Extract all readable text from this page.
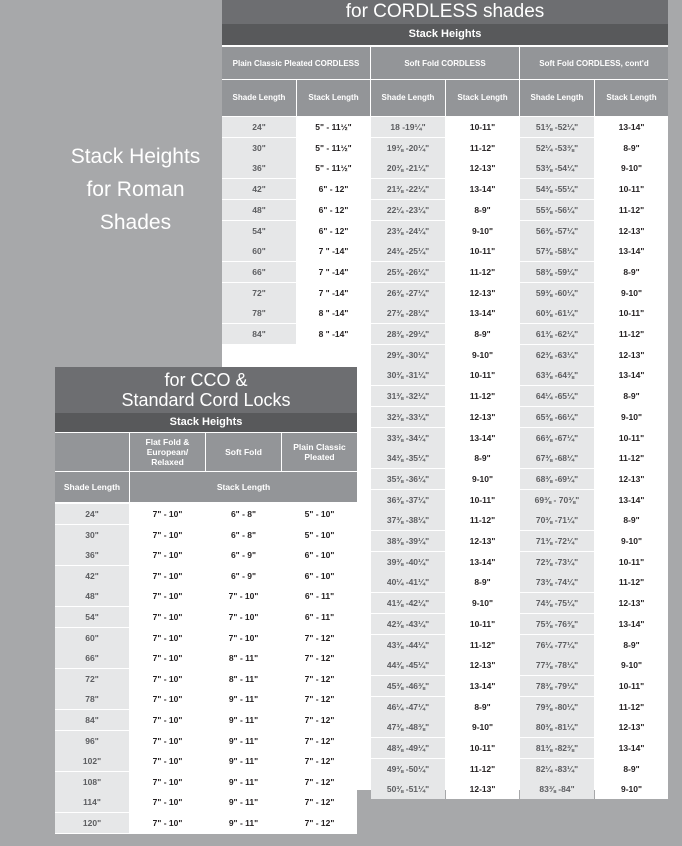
Stack Heights
for Roman
Shades
for CORDLESS shades
Stack Heights
Plain Classic Pleated CORDLESS
Shade Length	Stack Length
24"	5" - 11½"
30"	5" - 11½"
36"	5" - 11½"
42"	6" - 12"
48"	6" - 12"
54"	6" - 12"
60"	7 " -14"
66"	7 " -14"
72"	7 " -14"
78"	8 " -14"
84"	8 " -14"
Soft Fold CORDLESS
Shade Length	Stack Length
18 -19¼"	10-11"
19⅜ -20¼"	11-12"
20⅜ -21¼"	12-13"
21⅜ -22¼"	13-14"
22¼ -23¼"	8-9"
23⅜ -24¼"	9-10"
24⅜ -25¼"	10-11"
25⅜ -26¼"	11-12"
26⅜ -27¼"	12-13"
27⅜ -28¼"	13-14"
28⅜ -29¼"	8-9"
29⅜ -30¼"	9-10"
30⅜ -31¼"	10-11"
31⅜ -32¼"	11-12"
32⅜ -33¼"	12-13"
33⅜ -34¼"	13-14"
34⅜ -35¼"	8-9"
35⅜ -36¼"	9-10"
36⅜ -37¼"	10-11"
37⅜ -38¼"	11-12"
38⅜ -39¼"	12-13"
39⅜ -40¼"	13-14"
40¼ -41¼"	8-9"
41⅜ -42¼"	9-10"
42⅜ -43¼"	10-11"
43⅜ -44¼"	11-12"
44⅜ -45¼"	12-13"
45⅜ -46⅜"	13-14"
46¼ -47¼"	8-9"
47⅜ -48⅜"	9-10"
48⅜ -49¼"	10-11"
49⅜ -50¼"	11-12"
50⅜ -51¼"	12-13"
Soft Fold CORDLESS, cont'd
Shade Length	Stack Length
51⅜ -52¼"	13-14"
52¼ -53⅜"	8-9"
53⅜ -54¼"	9-10"
54⅜ -55¼"	10-11"
55⅜ -56¼"	11-12"
56⅜ -57¼"	12-13"
57⅜ -58¼"	13-14"
58⅜ -59¼"	8-9"
59⅜ -60¼"	9-10"
60⅜ -61¼"	10-11"
61⅜ -62¼"	11-12"
62⅜ -63¼"	12-13"
63⅜ -64⅜"	13-14"
64¼ -65¼"	8-9"
65⅜ -66¼"	9-10"
66⅜ -67¼"	10-11"
67⅜ -68¼"	11-12"
68⅜ -69¼"	12-13"
69⅜ - 70⅜"	13-14"
70⅜ -71¼"	8-9"
71⅜ -72¼"	9-10"
72⅜ -73¼"	10-11"
73⅜ -74¼"	11-12"
74⅜ -75¼"	12-13"
75⅜ -76⅜"	13-14"
76¼ -77¼"	8-9"
77⅜ -78¼"	9-10"
78⅜ -79¼"	10-11"
79⅜ -80¼"	11-12"
80⅜ -81¼"	12-13"
81⅜ -82⅜"	13-14"
82¼ -83¼"	8-9"
83⅜ -84"	9-10"
for CCO &
Standard Cord Locks
Stack Heights
Flat Fold & European/ Relaxed
Soft Fold	Plain Classic Pleated
Shade Length	Stack Length
24"	7" - 10"	6" - 8"	5" - 10"
30"	7" - 10"	6" - 8"	5" - 10"
36"	7" - 10"	6" - 9"	6" - 10"
42"	7" - 10"	6" - 9"	6" - 10"
48"	7" - 10"	7" - 10"	6" - 11"
54"	7" - 10"	7" - 10"	6" - 11"
60"	7" - 10"	7" - 10"	7" - 12"
66"	7" - 10"	8" - 11"	7" - 12"
72"	7" - 10"	8" - 11"	7" - 12"
78"	7" - 10"	9" - 11"	7" - 12"
84"	7" - 10"	9" - 11"	7" - 12"
96"	7" - 10"	9" - 11"	7" - 12"
102"	7" - 10"	9" - 11"	7" - 12"
108"	7" - 10"	9" - 11"	7" - 12"
114"	7" - 10"	9" - 11"	7" - 12"
120"	7" - 10"	9" - 11"	7" - 12"
